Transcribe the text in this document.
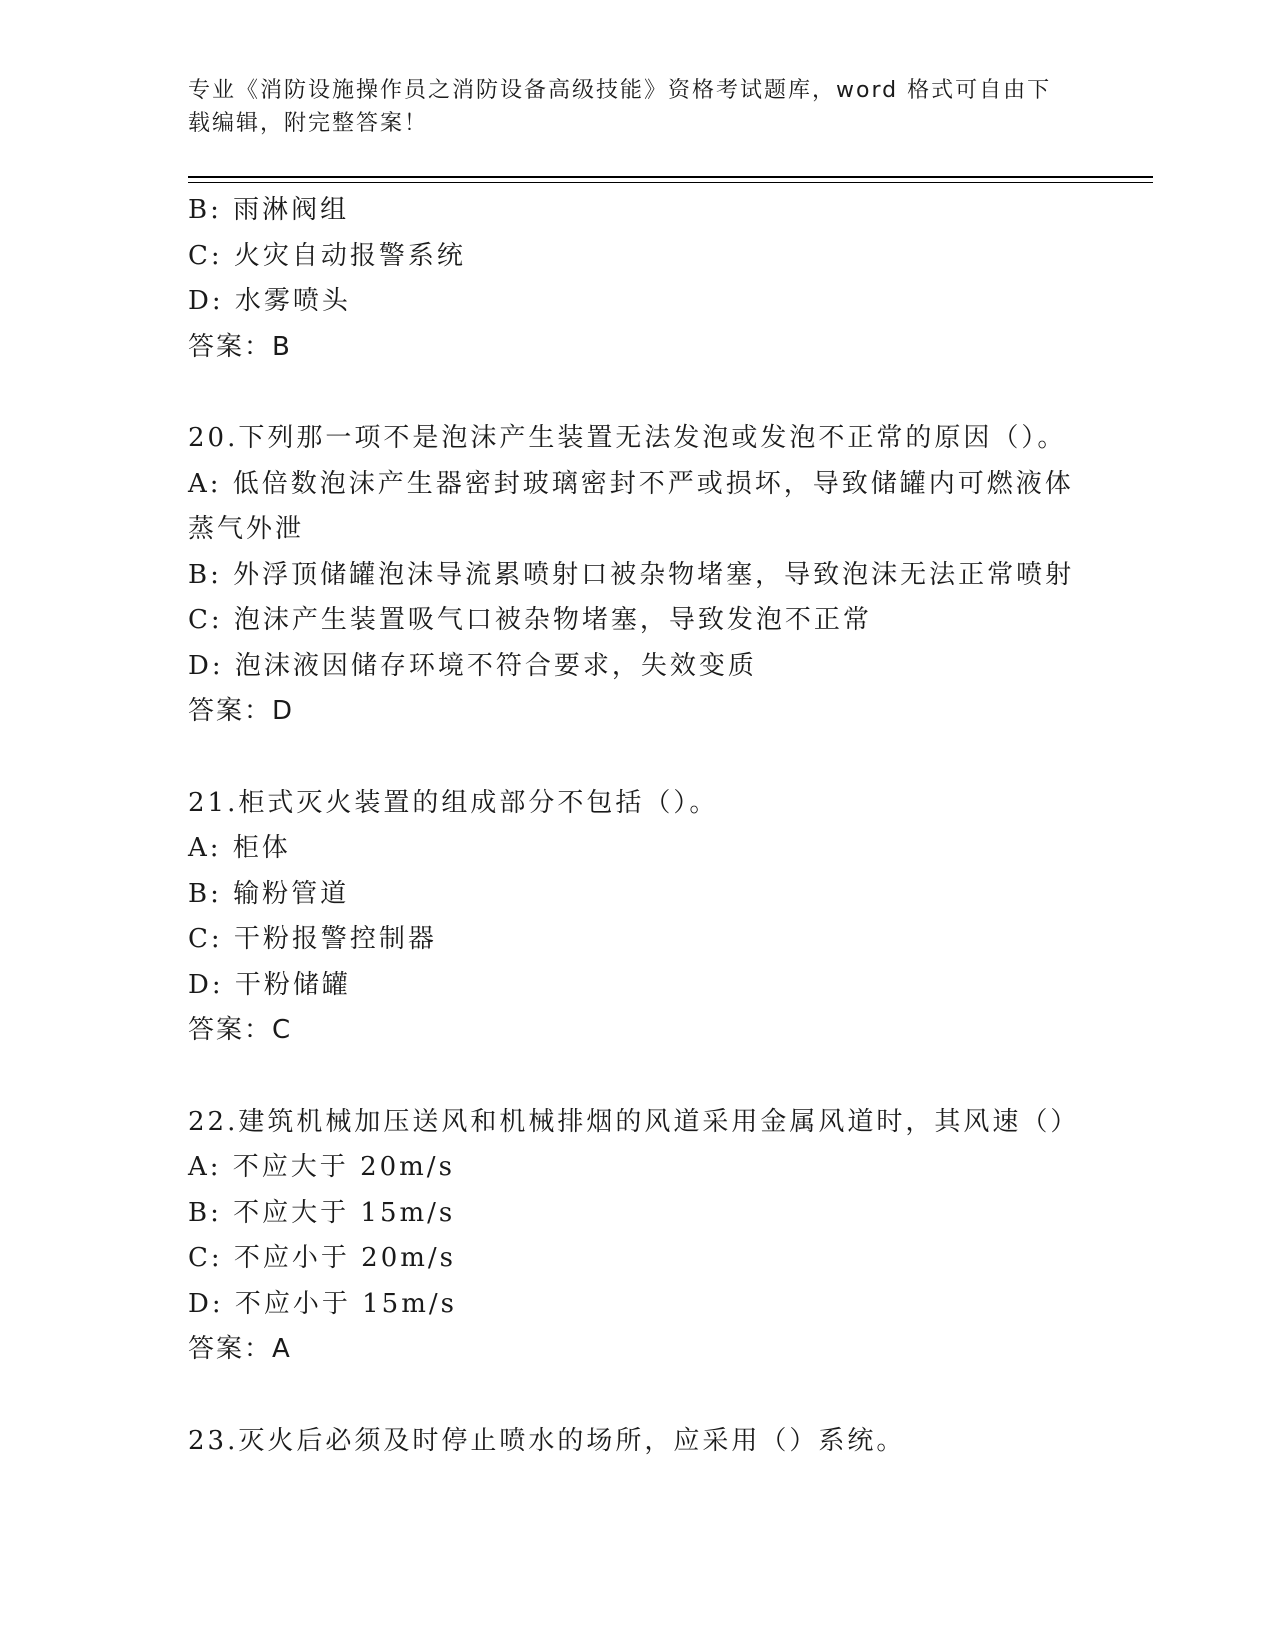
专业《消防设施操作员之消防设备高级技能》资格考试题库，word 格式可自由下
载编辑，附完整答案！
B: 雨淋阀组
C: 火灾自动报警系统
D: 水雾喷头
答案：B
20.下列那一项不是泡沫产生装置无法发泡或发泡不正常的原因（）。
A: 低倍数泡沫产生器密封玻璃密封不严或损坏，导致储罐内可燃液体
蒸气外泄
B: 外浮顶储罐泡沫导流累喷射口被杂物堵塞，导致泡沫无法正常喷射
C: 泡沫产生装置吸气口被杂物堵塞，导致发泡不正常
D: 泡沫液因储存环境不符合要求，失效变质
答案：D
21.柜式灭火装置的组成部分不包括（）。
A: 柜体
B: 输粉管道
C: 干粉报警控制器
D: 干粉储罐
答案：C
22.建筑机械加压送风和机械排烟的风道采用金属风道时，其风速（）
A: 不应大于 20m/s
B: 不应大于 15m/s
C: 不应小于 20m/s
D: 不应小于 15m/s
答案：A
23.灭火后必须及时停止喷水的场所，应采用（）系统。
